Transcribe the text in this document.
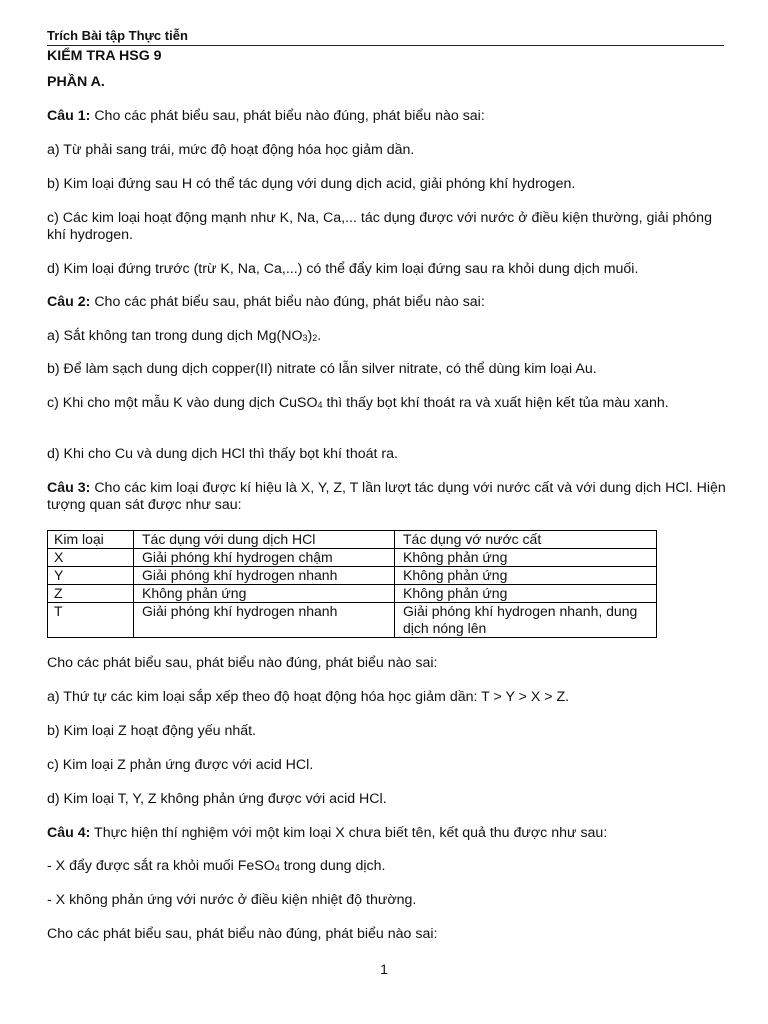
Trích Bài tập Thực tiễn
KIỂM TRA HSG 9
PHẦN A.
Câu 1: Cho các phát biểu sau, phát biểu nào đúng, phát biểu nào sai:
a) Từ phải sang trái, mức độ hoạt động hóa học giảm dần.
b) Kim loại đứng sau H có thể tác dụng với dung dịch acid, giải phóng khí hydrogen.
c) Các kim loại hoạt động mạnh như K, Na, Ca,... tác dụng được với nước ở điều kiện thường, giải phóng khí hydrogen.
d) Kim loại đứng trước (trừ K, Na, Ca,...) có thể đẩy kim loại đứng sau ra khỏi dung dịch muối.
Câu 2: Cho các phát biểu sau, phát biểu nào đúng, phát biểu nào sai:
a) Sắt không tan trong dung dịch $Mg(NO_3)_2$.
b) Để làm sạch dung dịch copper(II) nitrate có lẫn silver nitrate, có thể dùng kim loại Au.
c) Khi cho một mẫu K vào dung dịch CuSO$_4$ thì thấy bọt khí thoát ra và xuất hiện kết tủa màu xanh.
d) Khi cho Cu và dung dịch HCl thì thấy bọt khí thoát ra.
Câu 3: Cho các kim loại được kí hiệu là X, Y, Z, T lần lượt tác dụng với nước cất và với dung dịch HCl. Hiện tượng quan sát được như sau:
Kim loại	Tác dụng với dung dịch HCl	Tác dụng vớ nước cất
X	Giải phóng khí hydrogen chậm	Không phản ứng
Y	Giải phóng khí hydrogen nhanh	Không phản ứng
Z	Không phản ứng	Không phản ứng
T	Giải phóng khí hydrogen nhanh	Giải phóng khí hydrogen nhanh, dung dịch nóng lên
Cho các phát biểu sau, phát biểu nào đúng, phát biểu nào sai:
a) Thứ tự các kim loại sắp xếp theo độ hoạt động hóa học giảm dần: T > Y > X > Z.
b) Kim loại Z hoạt động yếu nhất.
c) Kim loại Z phản ứng được với acid HCl.
d) Kim loại T, Y, Z không phản ứng được với acid HCl.
Câu 4: Thực hiện thí nghiệm với một kim loại X chưa biết tên, kết quả thu được như sau:
- X đẩy được sắt ra khỏi muối FeSO$_4$ trong dung dịch.
- X không phản ứng với nước ở điều kiện nhiệt độ thường.
Cho các phát biểu sau, phát biểu nào đúng, phát biểu nào sai:
1
